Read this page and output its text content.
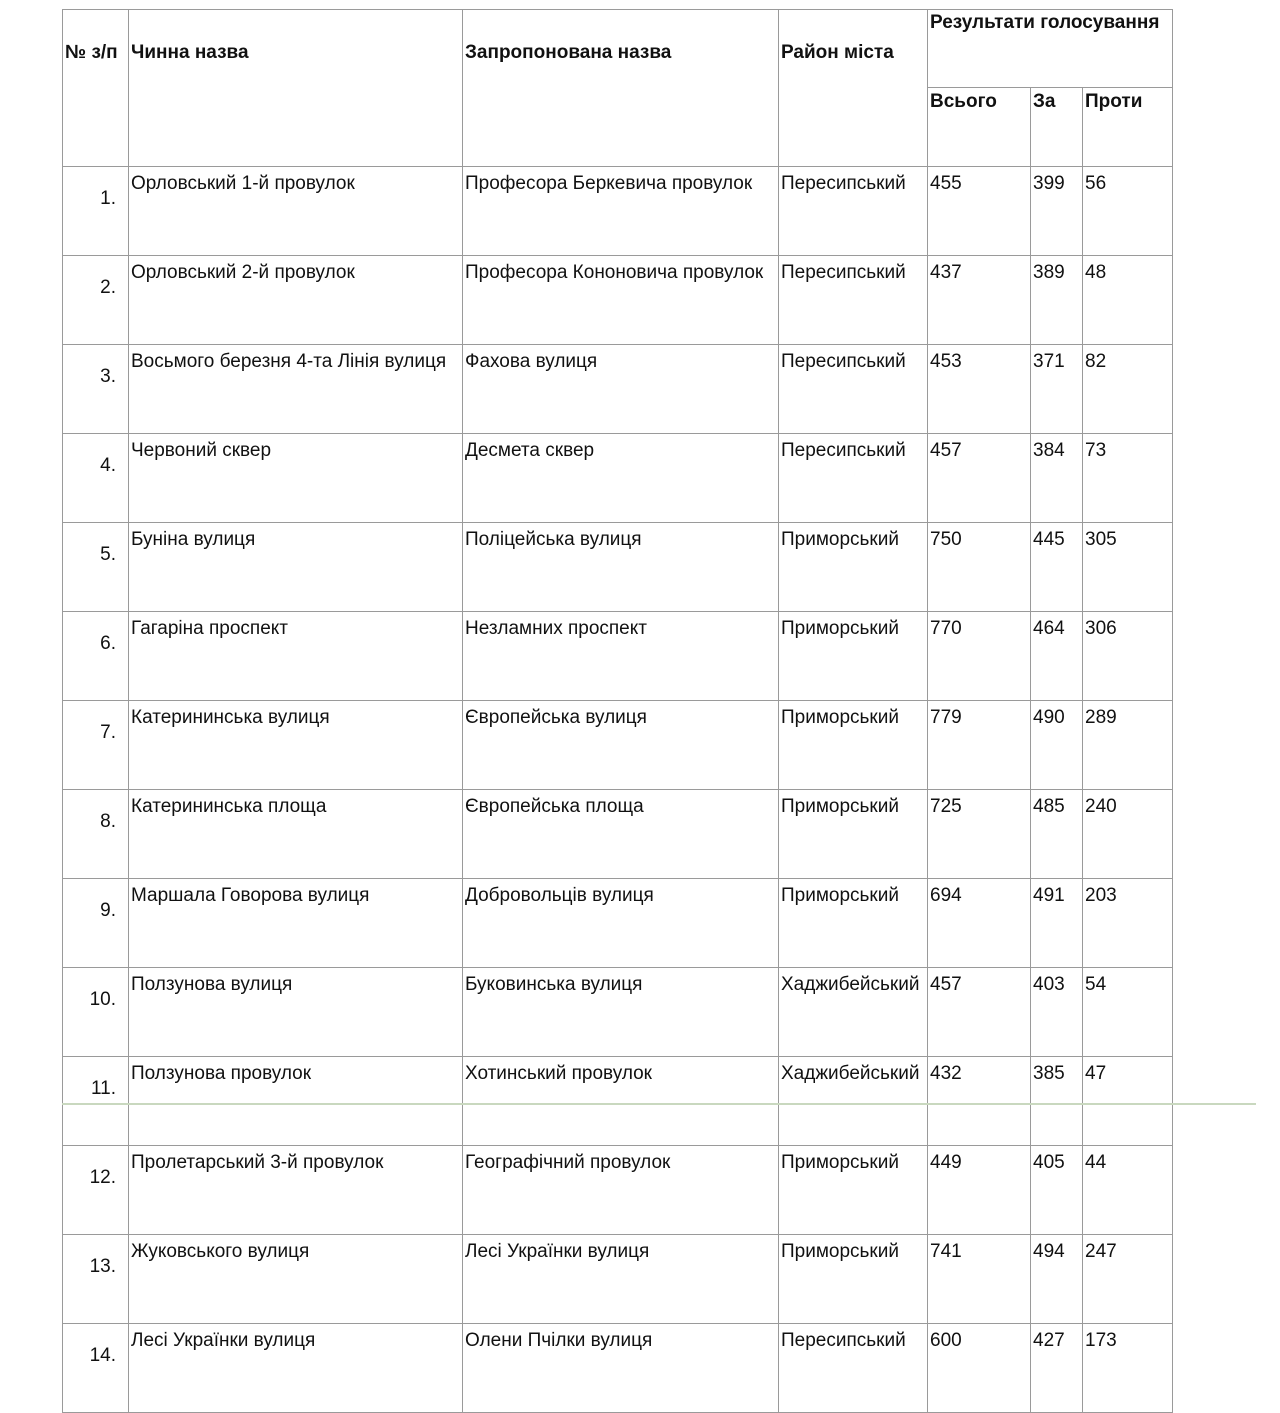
№ з/п	Чинна назва	Запропонована назва	Район міста	Результати голосування		
				Всього	За	Проти
1.	Орловський 1-й провулок	Професора Беркевича провулок	Пересипський	455	399	56
2.	Орловський 2-й провулок	Професора Кононовича провулок	Пересипський	437	389	48
3.	Восьмого березня 4-та Лінія вулиця	Фахова вулиця	Пересипський	453	371	82
4.	Червоний сквер	Десмета сквер	Пересипський	457	384	73
5.	Буніна вулиця	Поліцейська вулиця	Приморський	750	445	305
6.	Гагаріна проспект	Незламних проспект	Приморський	770	464	306
7.	Катерининська вулиця	Європейська вулиця	Приморський	779	490	289
8.	Катерининська площа	Європейська площа	Приморський	725	485	240
9.	Маршала Говорова вулиця	Добровольців вулиця	Приморський	694	491	203
10.	Ползунова вулиця	Буковинська вулиця	Хаджибейський	457	403	54
11.	Ползунова провулок	Хотинський провулок	Хаджибейський	432	385	47
12.	Пролетарський 3-й провулок	Географічний провулок	Приморський	449	405	44
13.	Жуковського вулиця	Лесі Українки вулиця	Приморський	741	494	247
14.	Лесі Українки вулиця	Олени Пчілки вулиця	Пересипський	600	427	173
